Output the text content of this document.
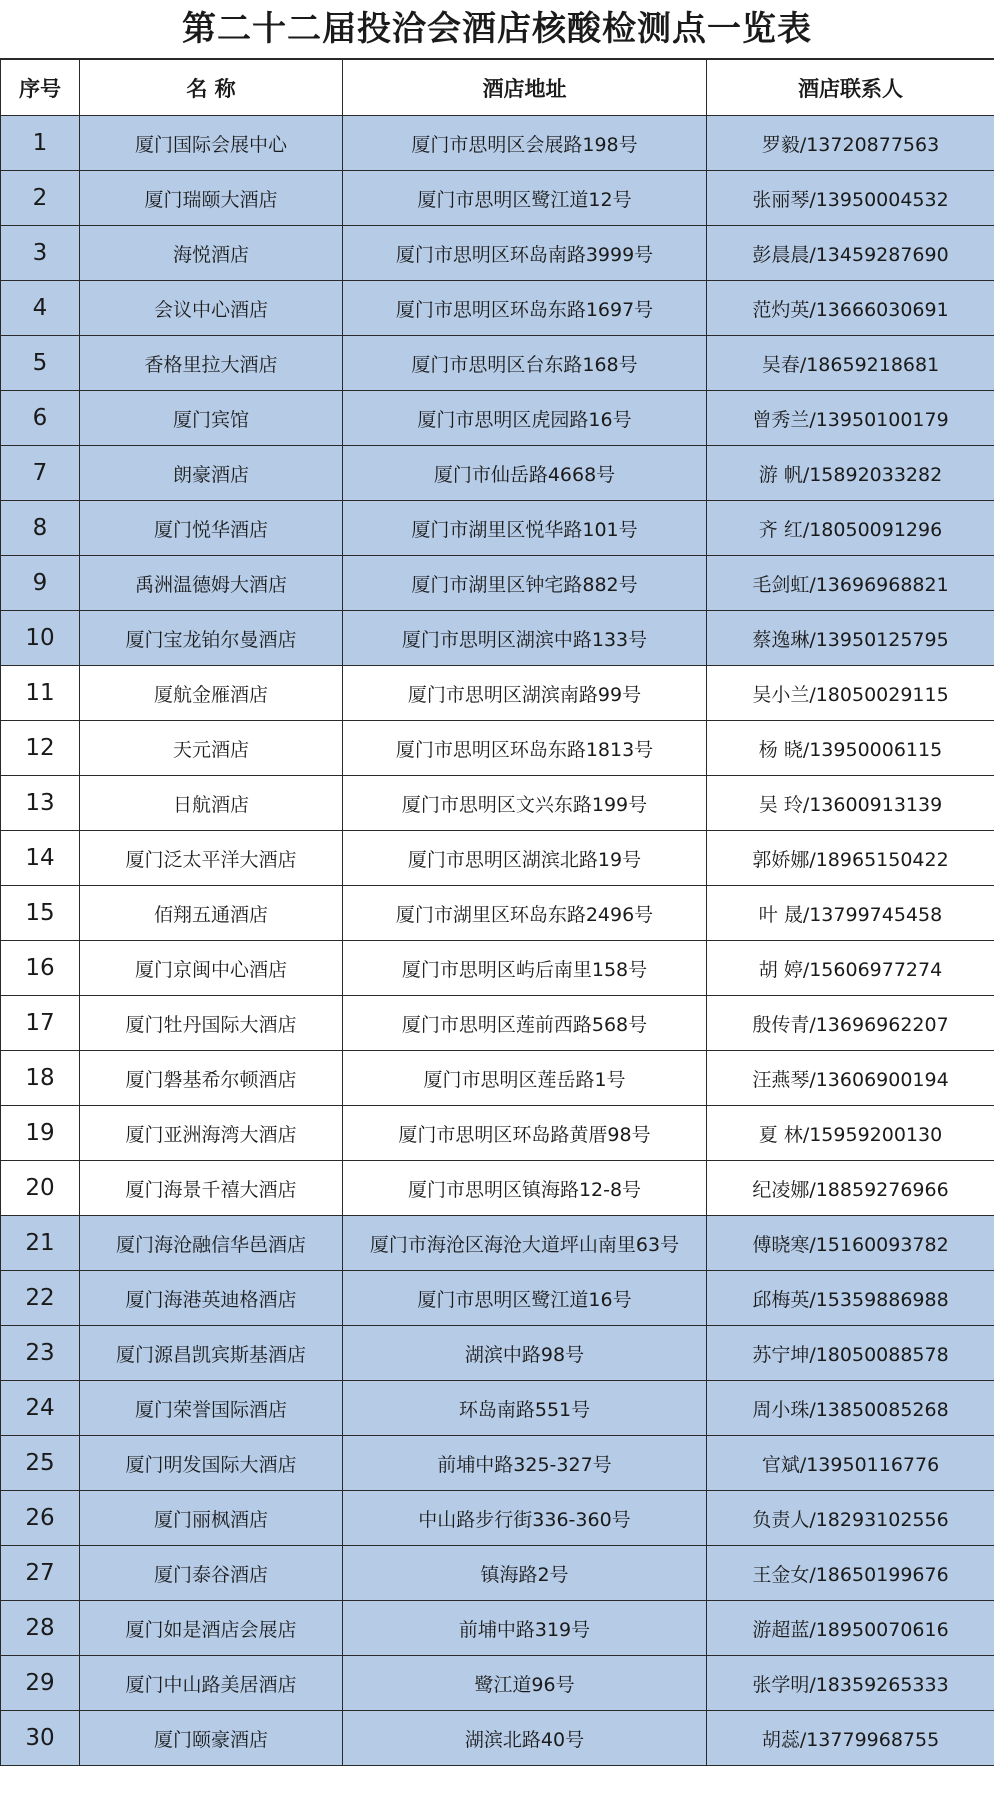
第二十二届投洽会酒店核酸检测点一览表
序号	名 称	酒店地址	酒店联系人
1	厦门国际会展中心	厦门市思明区会展路198号	罗毅/13720877563
2	厦门瑞颐大酒店	厦门市思明区鹭江道12号	张丽琴/13950004532
3	海悦酒店	厦门市思明区环岛南路3999号	彭晨晨/13459287690
4	会议中心酒店	厦门市思明区环岛东路1697号	范灼英/13666030691
5	香格里拉大酒店	厦门市思明区台东路168号	吴春/18659218681
6	厦门宾馆	厦门市思明区虎园路16号	曾秀兰/13950100179
7	朗豪酒店	厦门市仙岳路4668号	游 帆/15892033282
8	厦门悦华酒店	厦门市湖里区悦华路101号	齐 红/18050091296
9	禹洲温德姆大酒店	厦门市湖里区钟宅路882号	毛剑虹/13696968821
10	厦门宝龙铂尔曼酒店	厦门市思明区湖滨中路133号	蔡逸琳/13950125795
11	厦航金雁酒店	厦门市思明区湖滨南路99号	吴小兰/18050029115
12	天元酒店	厦门市思明区环岛东路1813号	杨 晓/13950006115
13	日航酒店	厦门市思明区文兴东路199号	吴 玲/13600913139
14	厦门泛太平洋大酒店	厦门市思明区湖滨北路19号	郭娇娜/18965150422
15	佰翔五通酒店	厦门市湖里区环岛东路2496号	叶 晟/13799745458
16	厦门京闽中心酒店	厦门市思明区屿后南里158号	胡 婷/15606977274
17	厦门牡丹国际大酒店	厦门市思明区莲前西路568号	殷传青/13696962207
18	厦门磐基希尔顿酒店	厦门市思明区莲岳路1号	汪燕琴/13606900194
19	厦门亚洲海湾大酒店	厦门市思明区环岛路黄厝98号	夏 林/15959200130
20	厦门海景千禧大酒店	厦门市思明区镇海路12-8号	纪凌娜/18859276966
21	厦门海沧融信华邑酒店	厦门市海沧区海沧大道坪山南里63号	傅晓寒/15160093782
22	厦门海港英迪格酒店	厦门市思明区鹭江道16号	邱梅英/15359886988
23	厦门源昌凯宾斯基酒店	湖滨中路98号	苏宁坤/18050088578
24	厦门荣誉国际酒店	环岛南路551号	周小珠/13850085268
25	厦门明发国际大酒店	前埔中路325-327号	官斌/13950116776
26	厦门丽枫酒店	中山路步行街336-360号	负责人/18293102556
27	厦门泰谷酒店	镇海路2号	王金女/18650199676
28	厦门如是酒店会展店	前埔中路319号	游超蓝/18950070616
29	厦门中山路美居酒店	鹭江道96号	张学明/18359265333
30	厦门颐豪酒店	湖滨北路40号	胡蕊/13779968755
